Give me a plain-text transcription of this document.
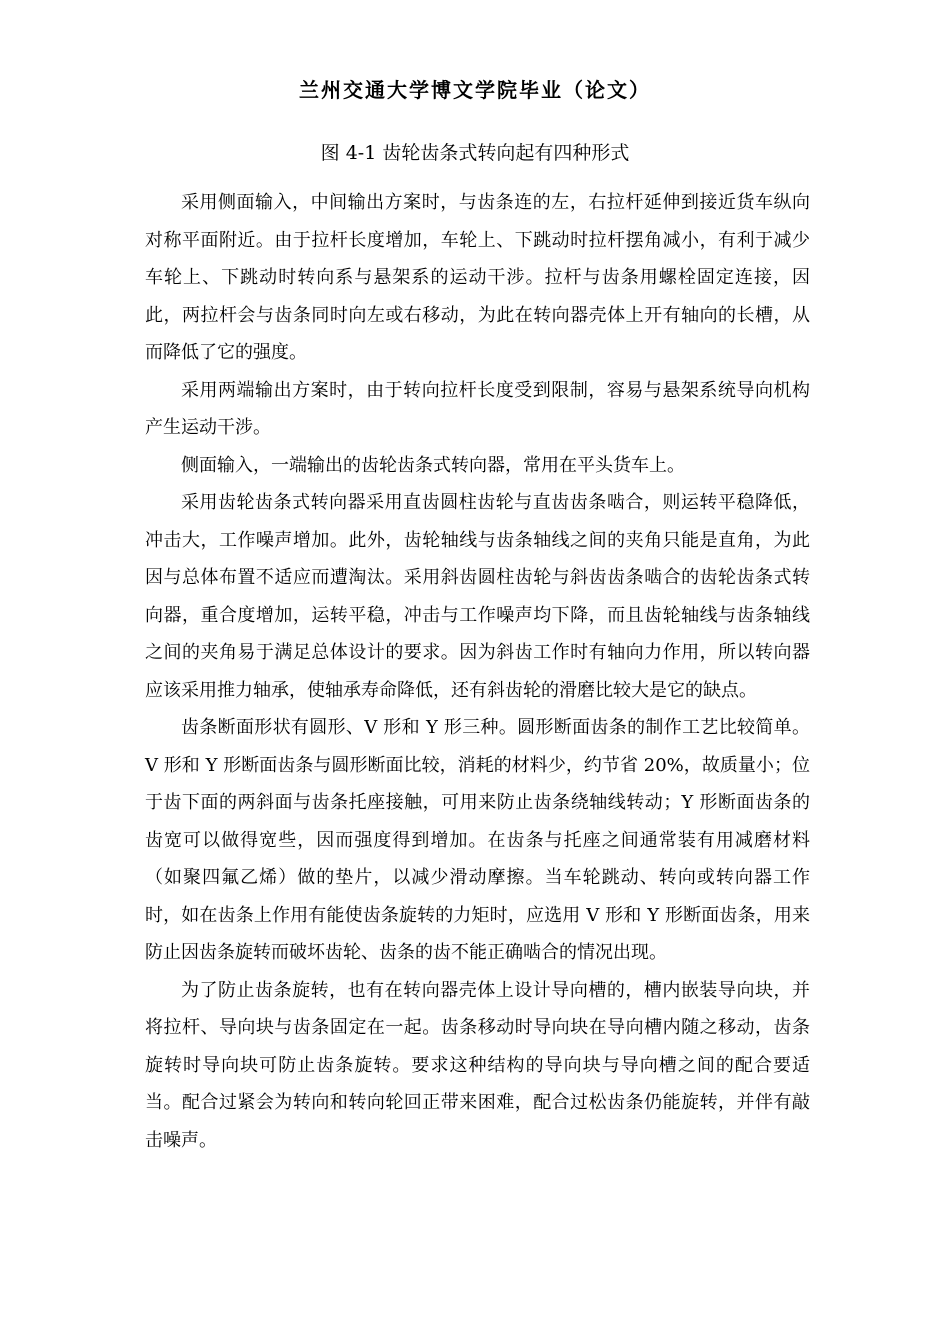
兰州交通大学博文学院毕业（论文）
图 4-1 齿轮齿条式转向起有四种形式

采用侧面输入，中间输出方案时，与齿条连的左，右拉杆延伸到接近货车纵向对称平面附近。由于拉杆长度增加，车轮上、下跳动时拉杆摆角减小，有利于减少车轮上、下跳动时转向系与悬架系的运动干涉。拉杆与齿条用螺栓固定连接，因此，两拉杆会与齿条同时向左或右移动，为此在转向器壳体上开有轴向的长槽，从而降低了它的强度。

采用两端输出方案时，由于转向拉杆长度受到限制，容易与悬架系统导向机构产生运动干涉。

侧面输入，一端输出的齿轮齿条式转向器，常用在平头货车上。

采用齿轮齿条式转向器采用直齿圆柱齿轮与直齿齿条啮合，则运转平稳降低，冲击大，工作噪声增加。此外，齿轮轴线与齿条轴线之间的夹角只能是直角，为此因与总体布置不适应而遭淘汰。采用斜齿圆柱齿轮与斜齿齿条啮合的齿轮齿条式转向器，重合度增加，运转平稳，冲击与工作噪声均下降，而且齿轮轴线与齿条轴线之间的夹角易于满足总体设计的要求。因为斜齿工作时有轴向力作用，所以转向器应该采用推力轴承，使轴承寿命降低，还有斜齿轮的滑磨比较大是它的缺点。

齿条断面形状有圆形、V 形和 Y 形三种。圆形断面齿条的制作工艺比较简单。V 形和 Y 形断面齿条与圆形断面比较，消耗的材料少，约节省 20%，故质量小；位于齿下面的两斜面与齿条托座接触，可用来防止齿条绕轴线转动；Y 形断面齿条的齿宽可以做得宽些，因而强度得到增加。在齿条与托座之间通常装有用减磨材料（如聚四氟乙烯）做的垫片，以减少滑动摩擦。当车轮跳动、转向或转向器工作时，如在齿条上作用有能使齿条旋转的力矩时，应选用 V 形和 Y 形断面齿条，用来防止因齿条旋转而破坏齿轮、齿条的齿不能正确啮合的情况出现。

为了防止齿条旋转，也有在转向器壳体上设计导向槽的，槽内嵌装导向块，并将拉杆、导向块与齿条固定在一起。齿条移动时导向块在导向槽内随之移动，齿条旋转时导向块可防止齿条旋转。要求这种结构的导向块与导向槽之间的配合要适当。配合过紧会为转向和转向轮回正带来困难，配合过松齿条仍能旋转，并伴有敲击噪声。
